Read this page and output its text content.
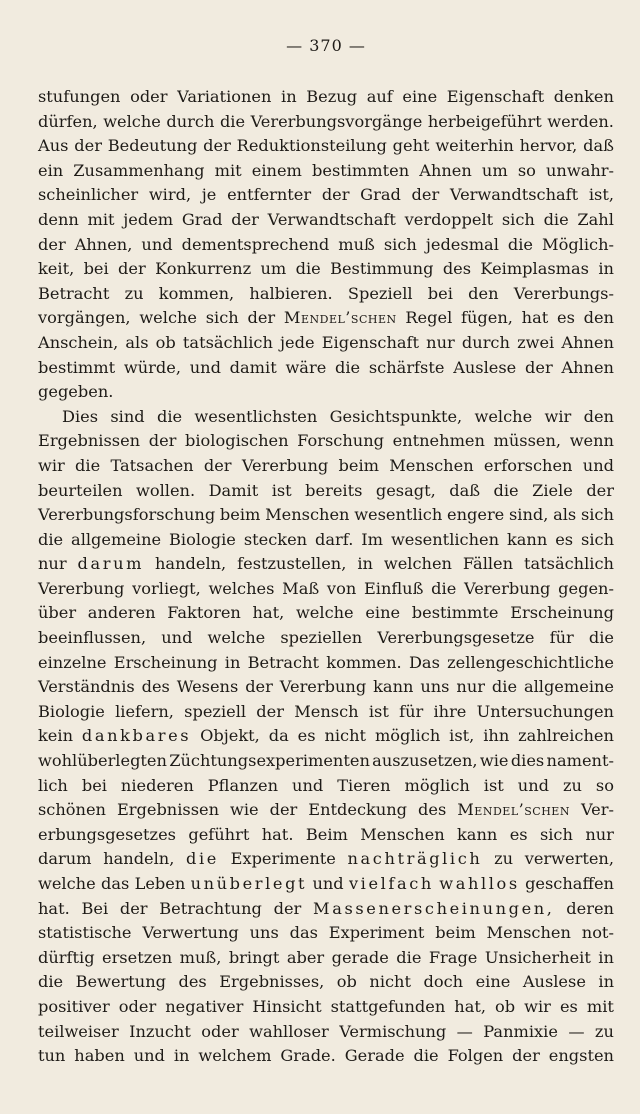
— 370 —
stufungen oder Variationen in Bezug auf eine Eigenschaft denken
dürfen, welche durch die Vererbungsvorgänge herbeigeführt werden.
Aus der Bedeutung der Reduktionsteilung geht weiterhin hervor, daß
ein Zusammenhang mit einem bestimmten Ahnen um so unwahr-
scheinlicher wird, je entfernter der Grad der Verwandtschaft ist,
denn mit jedem Grad der Verwandtschaft verdoppelt sich die Zahl
der Ahnen, und dementsprechend muß sich jedesmal die Möglich-
keit, bei der Konkurrenz um die Bestimmung des Keimplasmas in
Betracht zu kommen, halbieren. Speziell bei den Vererbungs-
vorgängen, welche sich der Mendel’schen Regel fügen, hat es den
Anschein, als ob tatsächlich jede Eigenschaft nur durch zwei Ahnen
bestimmt würde, und damit wäre die schärfste Auslese der Ahnen
gegeben.
Dies sind die wesentlichsten Gesichtspunkte, welche wir den
Ergebnissen der biologischen Forschung entnehmen müssen, wenn
wir die Tatsachen der Vererbung beim Menschen erforschen und
beurteilen wollen. Damit ist bereits gesagt, daß die Ziele der
Vererbungsforschung beim Menschen wesentlich engere sind, als sich
die allgemeine Biologie stecken darf. Im wesentlichen kann es sich
nur darum handeln, festzustellen, in welchen Fällen tatsächlich
Vererbung vorliegt, welches Maß von Einfluß die Vererbung gegen-
über anderen Faktoren hat, welche eine bestimmte Erscheinung
beeinflussen, und welche speziellen Vererbungsgesetze für die
einzelne Erscheinung in Betracht kommen. Das zellengeschichtliche
Verständnis des Wesens der Vererbung kann uns nur die allgemeine
Biologie liefern, speziell der Mensch ist für ihre Untersuchungen
kein dankbares Objekt, da es nicht möglich ist, ihn zahlreichen
wohlüberlegten Züchtungsexperimenten auszusetzen, wie dies nament-
lich bei niederen Pflanzen und Tieren möglich ist und zu so
schönen Ergebnissen wie der Entdeckung des Mendel’schen Ver-
erbungsgesetzes geführt hat. Beim Menschen kann es sich nur
darum handeln, die Experimente nachträglich zu verwerten,
welche das Leben unüberlegt und vielfach wahllos geschaffen
hat. Bei der Betrachtung der Massenerscheinungen, deren
statistische Verwertung uns das Experiment beim Menschen not-
dürftig ersetzen muß, bringt aber gerade die Frage Unsicherheit in
die Bewertung des Ergebnisses, ob nicht doch eine Auslese in
positiver oder negativer Hinsicht stattgefunden hat, ob wir es mit
teilweiser Inzucht oder wahlloser Vermischung — Panmixie — zu
tun haben und in welchem Grade. Gerade die Folgen der engsten
